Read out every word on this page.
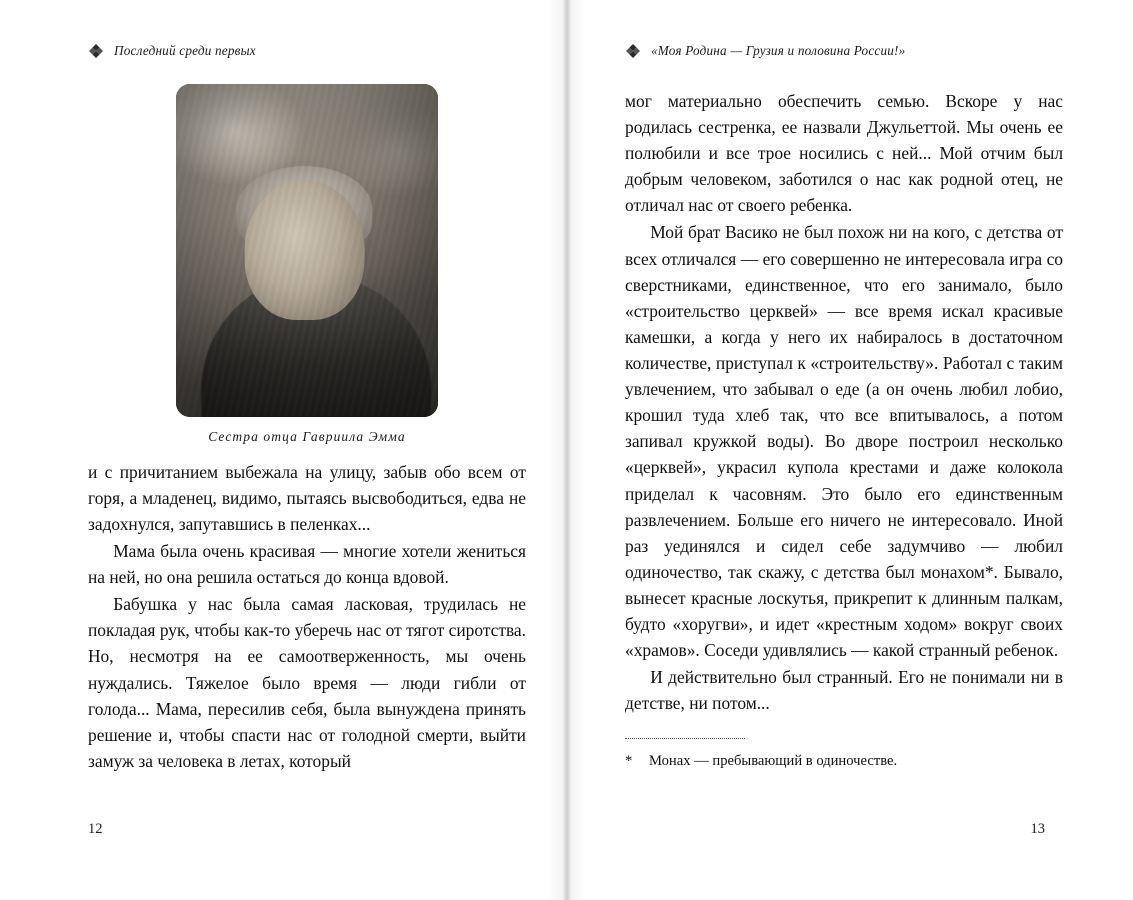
Последний среди первых
Сестра отца Гавриила Эмма

и с причитанием выбежала на улицу, забыв обо всем от горя, а младенец, видимо, пытаясь высвободиться, едва не задохнулся, запутавшись в пеленках...

Мама была очень красивая — многие хотели жениться на ней, но она решила остаться до конца вдовой.

Бабушка у нас была самая ласковая, трудилась не покладая рук, чтобы как-то уберечь нас от тягот сиротства. Но, несмотря на ее самоотверженность, мы очень нуждались. Тяжелое было время — люди гибли от голода... Мама, пересилив себя, была вынуждена принять решение и, чтобы спасти нас от голодной смерти, выйти замуж за человека в летах, который

12
«Моя Родина — Грузия и половина России!»

мог материально обеспечить семью. Вскоре у нас родилась сестренка, ее назвали Джульеттой. Мы очень ее полюбили и все трое носились с ней... Мой отчим был добрым человеком, заботился о нас как родной отец, не отличал нас от своего ребенка.

Мой брат Васико не был похож ни на кого, с детства от всех отличался — его совершенно не интересовала игра со сверстниками, единственное, что его занимало, было «строительство церквей» — все время искал красивые камешки, а когда у него их набиралось в достаточном количестве, приступал к «строительству». Работал с таким увлечением, что забывал о еде (а он очень любил лобио, крошил туда хлеб так, что все впитывалось, а потом запивал кружкой воды). Во дворе построил несколько «церквей», украсил купола крестами и даже колокола приделал к часовням. Это было его единственным развлечением. Больше его ничего не интересовало. Иной раз уединялся и сидел себе задумчиво — любил одиночество, так скажу, с детства был монахом*. Бывало, вынесет красные лоскутья, прикрепит к длинным палкам, будто «хоругви», и идет «крестным ходом» вокруг своих «храмов». Соседи удивлялись — какой странный ребенок.

И действительно был странный. Его не понимали ни в детстве, ни потом...

* Монах — пребывающий в одиночестве.
13
